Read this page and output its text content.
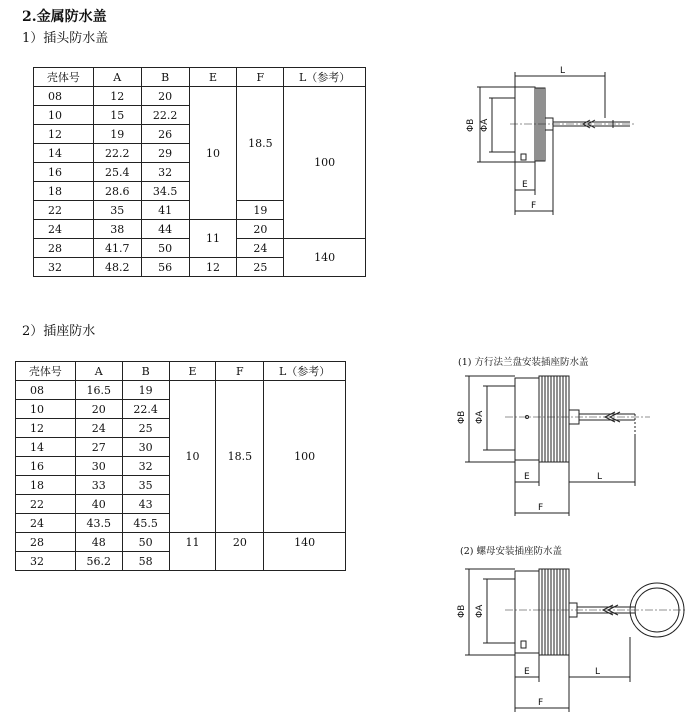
2.金属防水盖
1）插头防水盖
壳体号	A	B	E	F	L（参考）
08	12	20	10	18.5	100
10	15	22.2			
12	19	26			
14	22.2	29			
16	25.4	32			
18	28.6	34.5			
22	35	41		19	
24	38	44	11	20	
28	41.7	50		24	140
32	48.2	56	12	25	
2）插座防水
壳体号	A	B	E	F	L（参考）
08	16.5	19	10	18.5	100
10	20	22.4			
12	24	25			
14	27	30			
16	30	32			
18	33	35			
22	40	43			
24	43.5	45.5			
28	48	50	11	20	140
32	56.2	58			
L
ΦB ΦA
E
F
(1) 方行法兰盘安装插座防水盖
ΦB ΦA
E	L
F
(2) 螺母安装插座防水盖
ΦB ΦA
E	L
F
